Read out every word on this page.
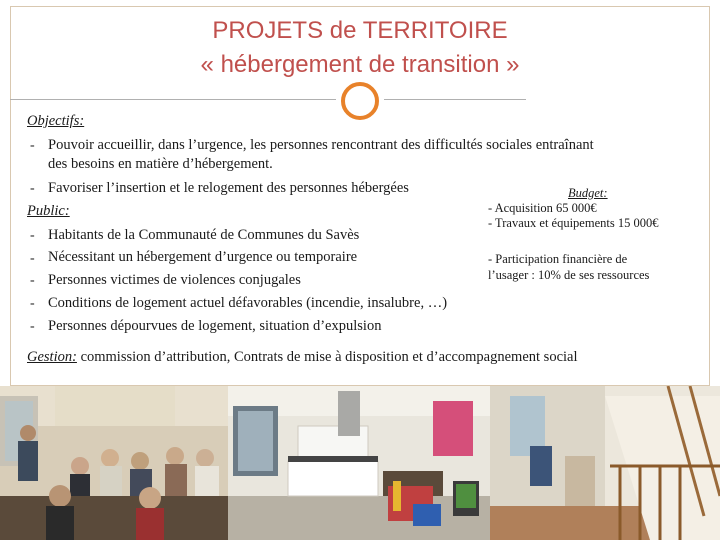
PROJETS de TERRITOIRE
« hébergement de transition »
Objectifs:
- Pouvoir accueillir, dans l’urgence, les personnes rencontrant des difficultés sociales entraînant
des besoins en matière d’hébergement.
- Favoriser l’insertion et le relogement des personnes hébergées
Public:
- Habitants de la Communauté de Communes du Savès
- Nécessitant un hébergement d’urgence ou temporaire
- Personnes victimes de violences conjugales
- Conditions de logement actuel défavorables (incendie, insalubre, …)
- Personnes dépourvues de logement, situation d’expulsion
Budget:
- Acquisition 65 000€
- Travaux et équipements 15 000€
- Participation financière de
l’usager : 10% de ses ressources
Gestion: commission d’attribution, Contrats de mise à disposition et d’accompagnement social
